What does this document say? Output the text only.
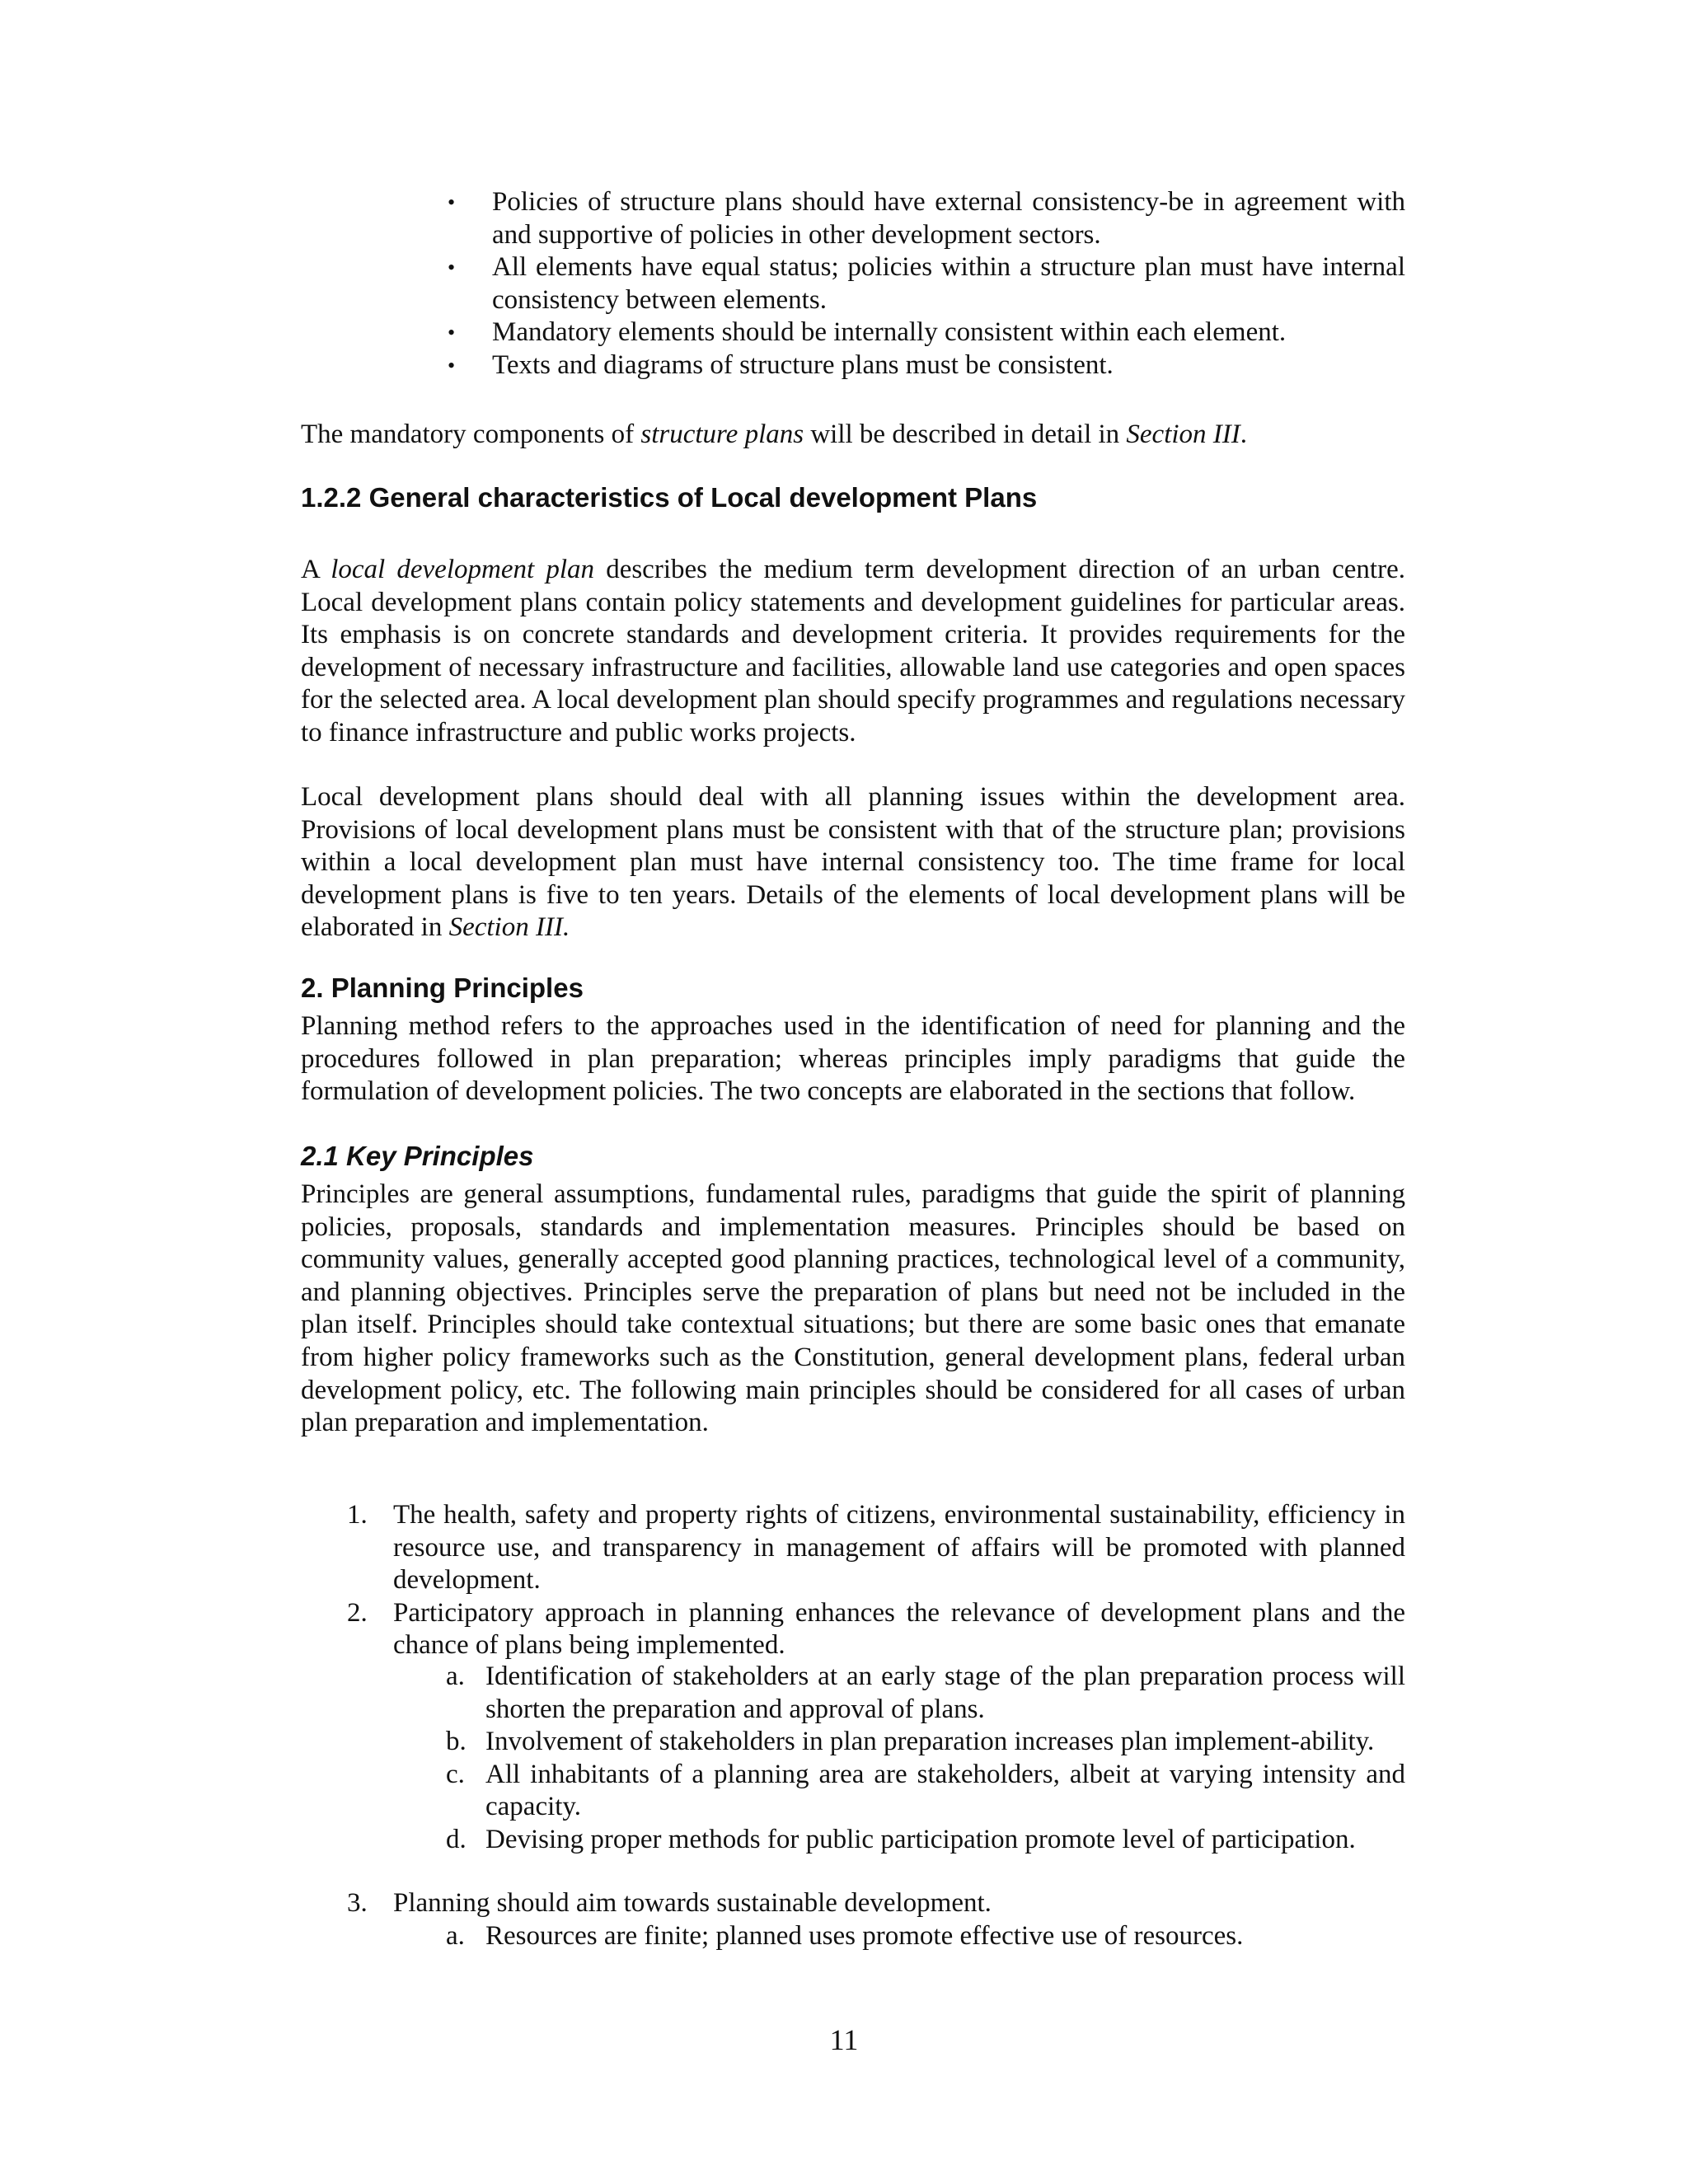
• Policies of structure plans should have external consistency-be in agreement with and supportive of policies in other development sectors.
• All elements have equal status; policies within a structure plan must have internal consistency between elements.
• Mandatory elements should be internally consistent within each element.
• Texts and diagrams of structure plans must be consistent.

The mandatory components of structure plans will be described in detail in Section III.

1.2.2 General characteristics of Local development Plans

A local development plan describes the medium term development direction of an urban centre. Local development plans contain policy statements and development guidelines for particular areas. Its emphasis is on concrete standards and development criteria. It provides requirements for the development of necessary infrastructure and facilities, allowable land use categories and open spaces for the selected area. A local development plan should specify programmes and regulations necessary to finance infrastructure and public works projects.

Local development plans should deal with all planning issues within the development area. Provisions of local development plans must be consistent with that of the structure plan; provisions within a local development plan must have internal consistency too. The time frame for local development plans is five to ten years. Details of the elements of local development plans will be elaborated in Section III.

2. Planning Principles

Planning method refers to the approaches used in the identification of need for planning and the procedures followed in plan preparation; whereas principles imply paradigms that guide the formulation of development policies. The two concepts are elaborated in the sections that follow.

2.1 Key Principles

Principles are general assumptions, fundamental rules, paradigms that guide the spirit of planning policies, proposals, standards and implementation measures. Principles should be based on community values, generally accepted good planning practices, technological level of a community, and planning objectives. Principles serve the preparation of plans but need not be included in the plan itself. Principles should take contextual situations; but there are some basic ones that emanate from higher policy frameworks such as the Constitution, general development plans, federal urban development policy, etc. The following main principles should be considered for all cases of urban plan preparation and implementation.

1. The health, safety and property rights of citizens, environmental sustainability, efficiency in resource use, and transparency in management of affairs will be promoted with planned development.
2. Participatory approach in planning enhances the relevance of development plans and the chance of plans being implemented.
a. Identification of stakeholders at an early stage of the plan preparation process will shorten the preparation and approval of plans.
b. Involvement of stakeholders in plan preparation increases plan implement-ability.
c. All inhabitants of a planning area are stakeholders, albeit at varying intensity and capacity.
d. Devising proper methods for public participation promote level of participation.
3. Planning should aim towards sustainable development.
a. Resources are finite; planned uses promote effective use of resources.
11
